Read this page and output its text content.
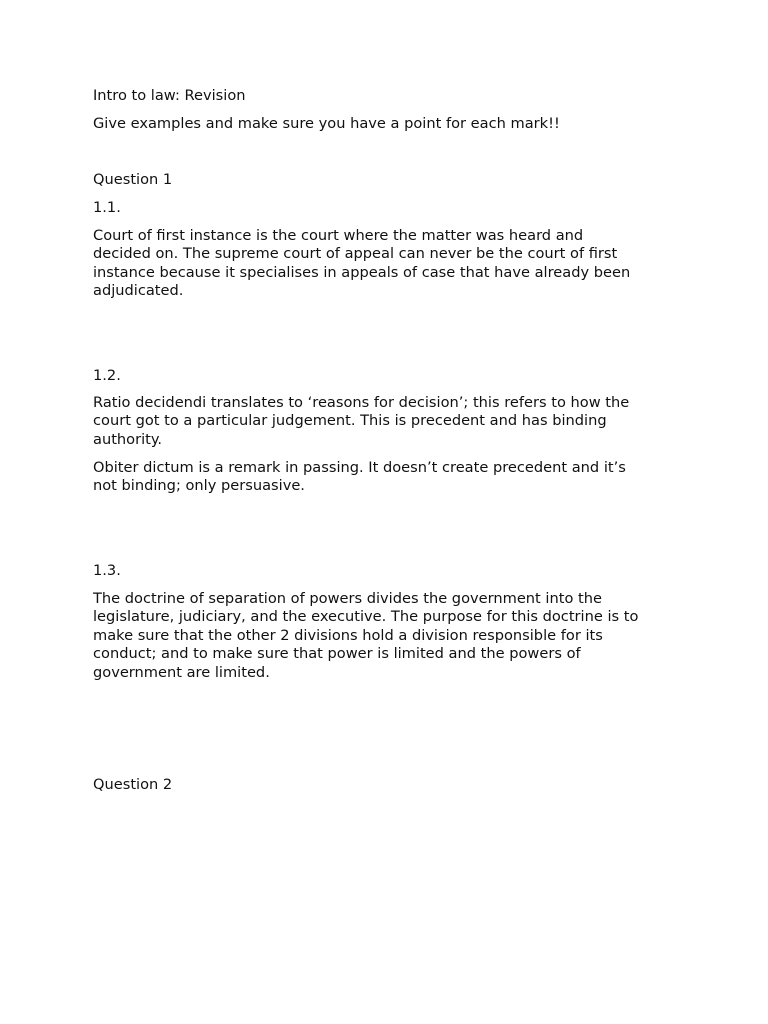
Intro to law: Revision

Give examples and make sure you have a point for each mark!!

Question 1

1.1.

Court of first instance is the court where the matter was heard and
decided on. The supreme court of appeal can never be the court of first
instance because it specialises in appeals of case that have already been
adjudicated.

1.2.

Ratio decidendi translates to ‘reasons for decision’; this refers to how the
court got to a particular judgement. This is precedent and has binding
authority.
Obiter dictum is a remark in passing. It doesn’t create precedent and it’s
not binding; only persuasive.

1.3.

The doctrine of separation of powers divides the government into the
legislature, judiciary, and the executive. The purpose for this doctrine is to
make sure that the other 2 divisions hold a division responsible for its
conduct; and to make sure that power is limited and the powers of
government are limited.

Question 2
